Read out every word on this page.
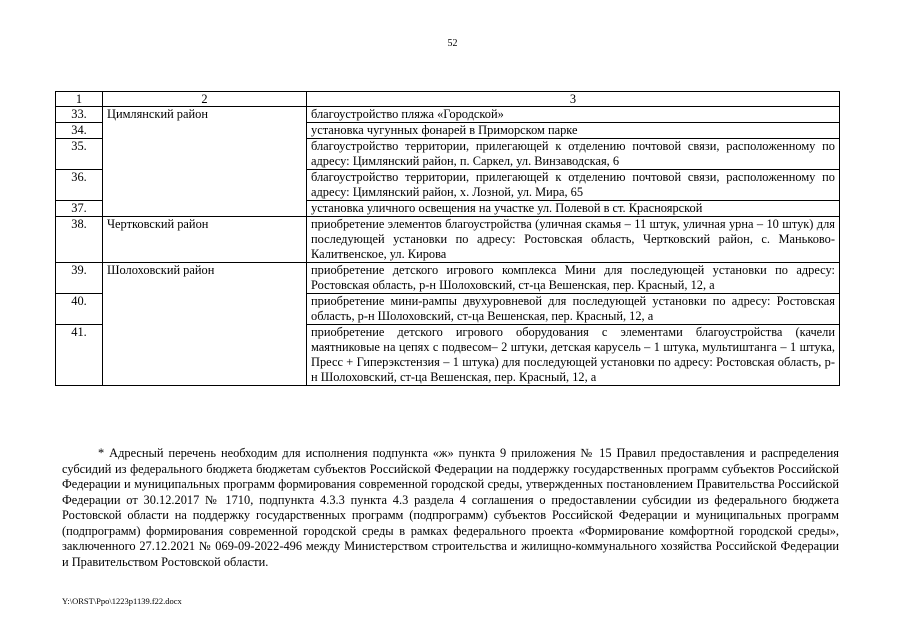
52
1	2	3
33.	Цимлянский район	благоустройство пляжа «Городской»
34.		установка чугунных фонарей в Приморском парке
35.		благоустройство территории, прилегающей к отделению почтовой связи, расположенному по адресу: Цимлянский район, п. Саркел, ул. Винзаводская, 6
36.		благоустройство территории, прилегающей к отделению почтовой связи, расположенному по адресу: Цимлянский район, х. Лозной, ул. Мира, 65
37.		установка уличного освещения на участке ул. Полевой в ст. Красноярской
38.	Чертковский район	приобретение элементов благоустройства (уличная скамья – 11 штук, уличная урна – 10 штук) для последующей установки по адресу: Ростовская область, Чертковский район, с. Маньково-Калитвенское, ул. Кирова
39.	Шолоховский район	приобретение детского игрового комплекса Мини для последующей установки по адресу: Ростовская область, р-н Шолоховский, ст-ца Вешенская, пер. Красный, 12, а
40.		приобретение мини-рампы двухуровневой для последующей установки по адресу: Ростовская область, р-н Шолоховский, ст-ца Вешенская, пер. Красный, 12, а
41.		приобретение детского игрового оборудования с элементами благоустройства (качели маятниковые на цепях с подвесом– 2 штуки, детская карусель – 1 штука, мультиштанга – 1 штука, Пресс + Гиперэкстензия – 1 штука) для последующей установки по адресу: Ростовская область, р-н Шолоховский, ст-ца Вешенская, пер. Красный, 12, а

* Адресный перечень необходим для исполнения подпункта «ж» пункта 9 приложения № 15 Правил предоставления и распределения субсидий из федерального бюджета бюджетам субъектов Российской Федерации на поддержку государственных программ субъектов Российской Федерации и муниципальных программ формирования современной городской среды, утвержденных постановлением Правительства Российской Федерации от 30.12.2017 № 1710, подпункта 4.3.3 пункта 4.3 раздела 4 соглашения о предоставлении субсидии из федерального бюджета Ростовской области на поддержку государственных программ (подпрограмм) субъектов Российской Федерации и муниципальных программ (подпрограмм) формирования современной городской среды в рамках федерального проекта «Формирование комфортной городской среды», заключенного 27.12.2021 № 069-09-2022-496 между Министерством строительства и жилищно-коммунального хозяйства Российской Федерации и Правительством Ростовской области.

Y:\ORST\Ppo\1223p1139.f22.docx
